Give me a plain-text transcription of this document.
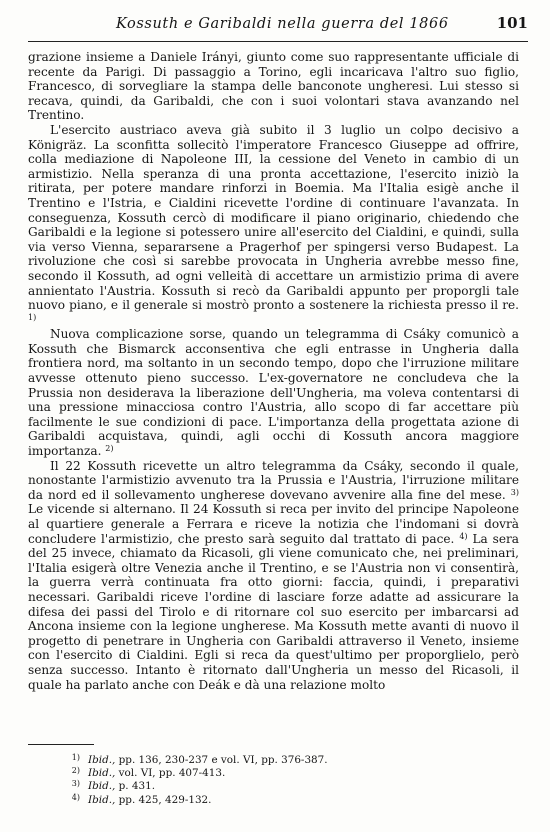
Kossuth e Garibaldi nella guerra del 1866	101

grazione insieme a Daniele Irányi, giunto come suo rappresentante ufficiale di recente da Parigi. Di passaggio a Torino, egli incaricava l'altro suo figlio, Francesco, di sorvegliare la stampa delle banconote ungheresi. Lui stesso si recava, quindi, da Garibaldi, che con i suoi volontari stava avanzando nel Trentino.

L'esercito austriaco aveva già subito il 3 luglio un colpo decisivo a Königräz. La sconfitta sollecitò l'imperatore Francesco Giuseppe ad offrire, colla mediazione di Napoleone III, la cessione del Veneto in cambio di un armistizio. Nella speranza di una pronta accettazione, l'esercito iniziò la ritirata, per potere mandare rinforzi in Boemia. Ma l'Italia esigè anche il Trentino e l'Istria, e Cialdini ricevette l'ordine di continuare l'avanzata. In conseguenza, Kossuth cercò di modificare il piano originario, chiedendo che Garibaldi e la legione si potessero unire all'esercito del Cialdini, e quindi, sulla via verso Vienna, separarsene a Pragerhof per spingersi verso Budapest. La rivoluzione che così si sarebbe provocata in Ungheria avrebbe messo fine, secondo il Kossuth, ad ogni velleità di accettare un armistizio prima di avere annientato l'Austria. Kossuth si recò da Garibaldi appunto per proporgli tale nuovo piano, e il generale si mostrò pronto a sostenere la richiesta presso il re. $^{1)}$

Nuova complicazione sorse, quando un telegramma di Csáky comunicò a Kossuth che Bismarck acconsentiva che egli entrasse in Ungheria dalla frontiera nord, ma soltanto in un secondo tempo, dopo che l'irruzione militare avvesse ottenuto pieno successo. L'ex-governatore ne concludeva che la Prussia non desiderava la liberazione dell'Ungheria, ma voleva contentarsi di una pressione minacciosa contro l'Austria, allo scopo di far accettare più facilmente le sue condizioni di pace. L'importanza della progettata azione di Garibaldi acquistava, quindi, agli occhi di Kossuth ancora maggiore importanza. $^{2)}$

Il 22 Kossuth ricevette un altro telegramma da Csáky, secondo il quale, nonostante l'armistizio avvenuto tra la Prussia e l'Austria, l'irruzione militare da nord ed il sollevamento ungherese dovevano avvenire alla fine del mese. $^{3)}$ Le vicende si alternano. Il 24 Kossuth si reca per invito del principe Napoleone al quartiere generale a Ferrara e riceve la notizia che l'indomani si dovrà concludere l'armistizio, che presto sarà seguito dal trattato di pace. $^{4)}$ La sera del 25 invece, chiamato da Ricasoli, gli viene comunicato che, nei preliminari, l'Italia esigerà oltre Venezia anche il Trentino, e se l'Austria non vi consentirà, la guerra verrà continuata fra otto giorni: faccia, quindi, i preparativi necessari. Garibaldi riceve l'ordine di lasciare forze adatte ad assicurare la difesa dei passi del Tirolo e di ritornare col suo esercito per imbarcarsi ad Ancona insieme con la legione ungherese. Ma Kossuth mette avanti di nuovo il progetto di penetrare in Ungheria con Garibaldi attraverso il Veneto, insieme con l'esercito di Cialdini. Egli si reca da quest'ultimo per proporglielo, però senza successo. Intanto è ritornato dall'Ungheria un messo del Ricasoli, il quale ha parlato anche con Deák e dà una relazione molto

$^{1)}$ Ibid., pp. 136, 230-237 e vol. VI, pp. 376-387.
$^{2)}$ Ibid., vol. VI, pp. 407-413.
$^{3)}$ Ibid., p. 431.
$^{4)}$ Ibid., pp. 425, 429-132.
